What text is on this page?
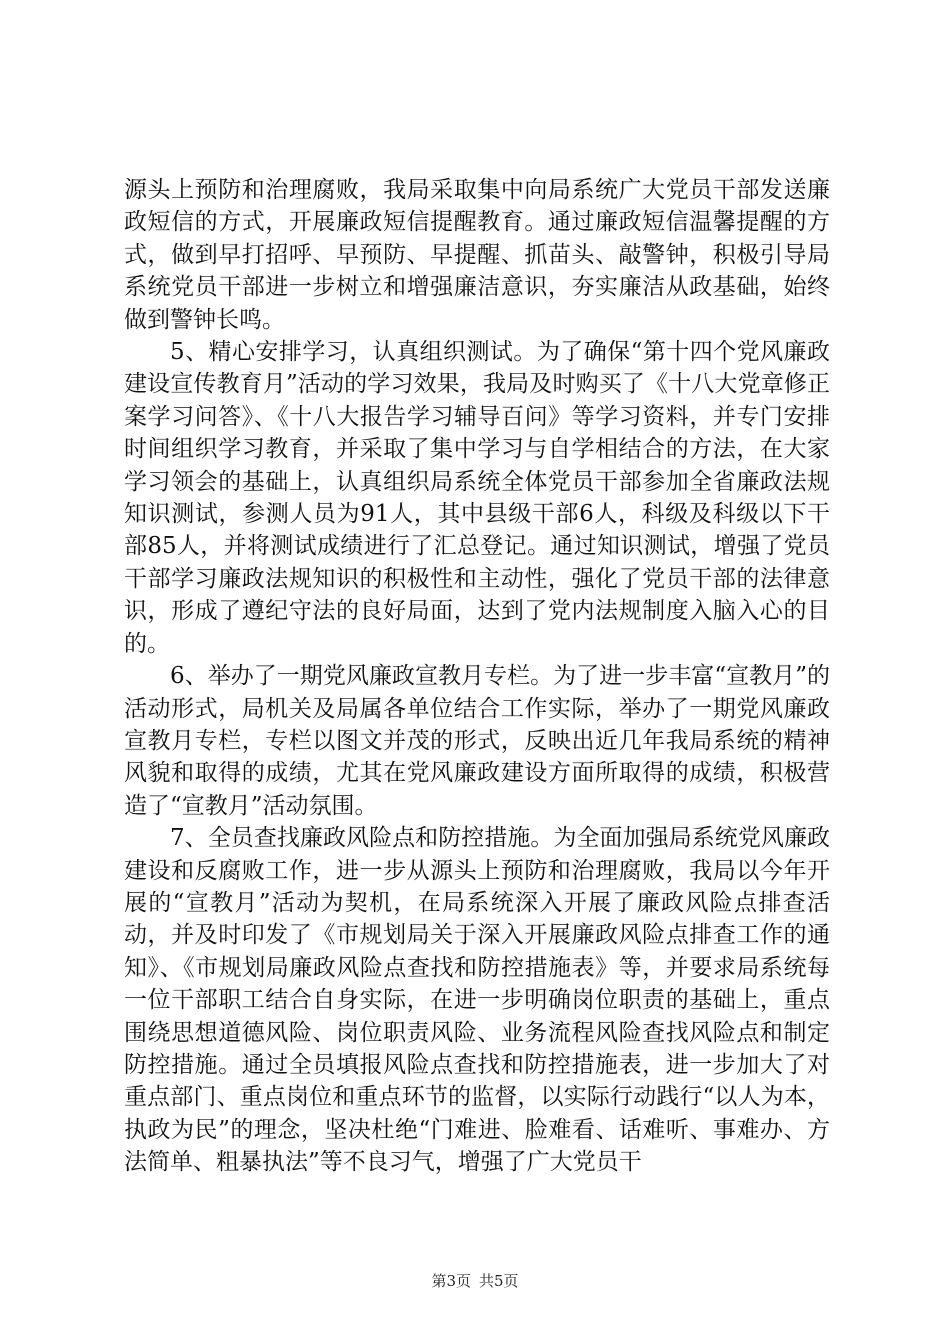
源头上预防和治理腐败，我局采取集中向局系统广大党员干部发送廉政短信的方式，开展廉政短信提醒教育。通过廉政短信温馨提醒的方式，做到早打招呼、早预防、早提醒、抓苗头、敲警钟，积极引导局系统党员干部进一步树立和增强廉洁意识，夯实廉洁从政基础，始终做到警钟长鸣。

5、精心安排学习，认真组织测试。为了确保“第十四个党风廉政建设宣传教育月”活动的学习效果，我局及时购买了《十八大党章修正案学习问答》、《十八大报告学习辅导百问》等学习资料，并专门安排时间组织学习教育，并采取了集中学习与自学相结合的方法，在大家学习领会的基础上，认真组织局系统全体党员干部参加全省廉政法规知识测试，参测人员为91人，其中县级干部6人，科级及科级以下干部85人，并将测试成绩进行了汇总登记。通过知识测试，增强了党员干部学习廉政法规知识的积极性和主动性，强化了党员干部的法律意识，形成了遵纪守法的良好局面，达到了党内法规制度入脑入心的目的。

6、举办了一期党风廉政宣教月专栏。为了进一步丰富“宣教月”的活动形式，局机关及局属各单位结合工作实际，举办了一期党风廉政宣教月专栏，专栏以图文并茂的形式，反映出近几年我局系统的精神风貌和取得的成绩，尤其在党风廉政建设方面所取得的成绩，积极营造了“宣教月”活动氛围。

7、全员查找廉政风险点和防控措施。为全面加强局系统党风廉政建设和反腐败工作，进一步从源头上预防和治理腐败，我局以今年开展的“宣教月”活动为契机，在局系统深入开展了廉政风险点排查活动，并及时印发了《市规划局关于深入开展廉政风险点排查工作的通知》、《市规划局廉政风险点查找和防控措施表》等，并要求局系统每一位干部职工结合自身实际，在进一步明确岗位职责的基础上，重点围绕思想道德风险、岗位职责风险、业务流程风险查找风险点和制定防控措施。通过全员填报风险点查找和防控措施表，进一步加大了对重点部门、重点岗位和重点环节的监督，以实际行动践行“以人为本，执政为民”的理念，坚决杜绝“门难进、脸难看、话难听、事难办、方法简单、粗暴执法”等不良习气，增强了广大党员干

第3页 共5页
